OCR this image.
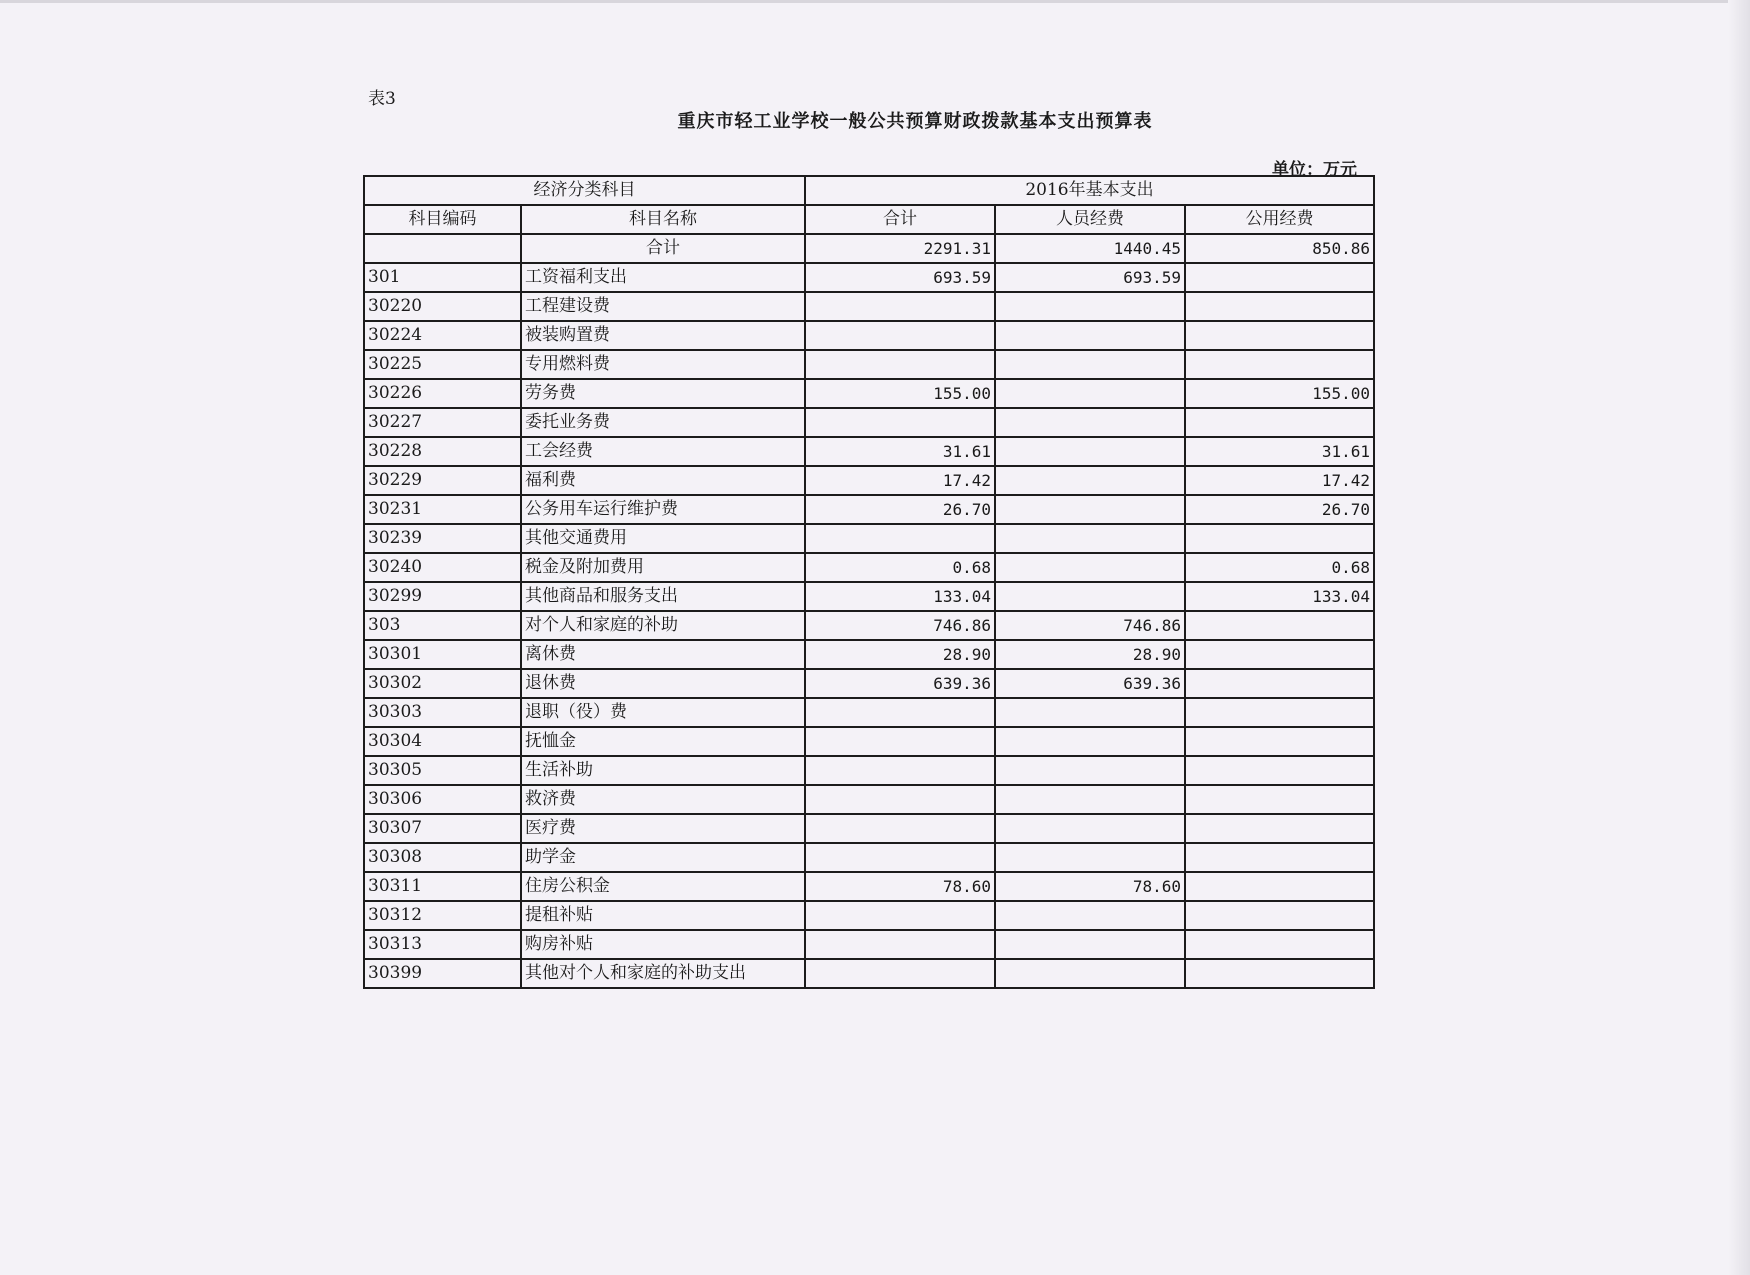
表3
重庆市轻工业学校一般公共预算财政拨款基本支出预算表
单位：万元
经济分类科目		2016年基本支出		
科目编码	科目名称	合计	人员经费	公用经费
	合计	2291.31	1440.45	850.86
301	工资福利支出	693.59	693.59	
30220	工程建设费			
30224	被装购置费			
30225	专用燃料费			
30226	劳务费	155.00		155.00
30227	委托业务费			
30228	工会经费	31.61		31.61
30229	福利费	17.42		17.42
30231	公务用车运行维护费	26.70		26.70
30239	其他交通费用			
30240	税金及附加费用	0.68		0.68
30299	其他商品和服务支出	133.04		133.04
303	对个人和家庭的补助	746.86	746.86	
30301	离休费	28.90	28.90	
30302	退休费	639.36	639.36	
30303	退职（役）费			
30304	抚恤金			
30305	生活补助			
30306	救济费			
30307	医疗费			
30308	助学金			
30311	住房公积金	78.60	78.60	
30312	提租补贴			
30313	购房补贴			
30399	其他对个人和家庭的补助支出			
